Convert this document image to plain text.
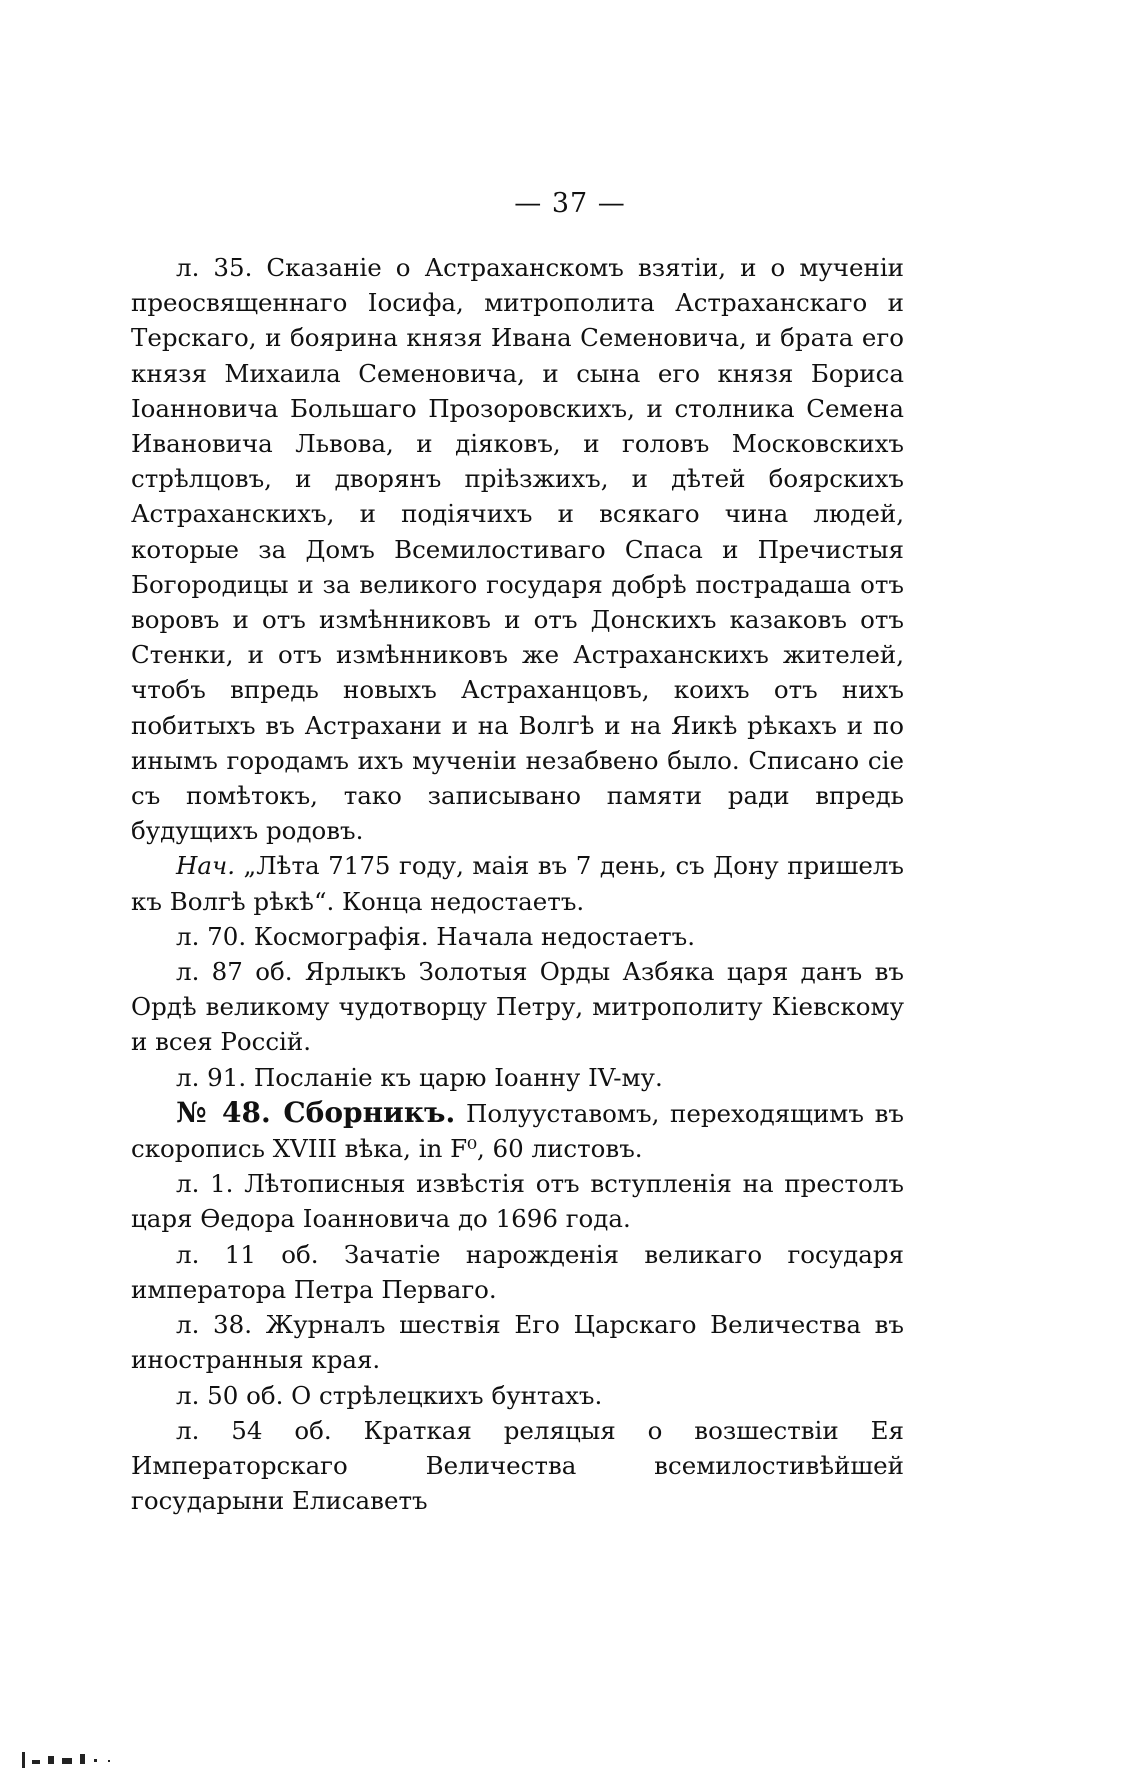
— 37 —

л. 35. Сказаніе о Астраханскомъ взятіи, и о мученіи преосвященнаго Іосифа, митрополита Астраханскаго и Терскаго, и боярина князя Ивана Семеновича, и брата его князя Михаила Семеновича, и сына его князя Бориса Іоанновича Большаго Прозоровскихъ, и столника Семена Ивановича Львова, и діяковъ, и головъ Московскихъ стрѣлцовъ, и дворянъ пріѣзжихъ, и дѣтей боярскихъ Астраханскихъ, и подіячихъ и всякаго чина людей, которые за Домъ Всемилостиваго Спаса и Пречистыя Богородицы и за великого государя добрѣ пострадаша отъ воровъ и отъ измѣнниковъ и отъ Донскихъ казаковъ отъ Стенки, и отъ измѣнниковъ же Астраханскихъ жителей, чтобъ впредь новыхъ Астраханцовъ, коихъ отъ нихъ побитыхъ въ Астрахани и на Волгѣ и на Яикѣ рѣкахъ и по инымъ городамъ ихъ мученіи незабвено было. Списано сіе съ помѣтокъ, тако записывано памяти ради впредь будущихъ родовъ.

Нач. „Лѣта 7175 году, маія въ 7 день, съ Дону пришелъ къ Волгѣ рѣкѣ“. Конца недостаетъ.

л. 70. Космографія. Начала недостаетъ.

л. 87 об. Ярлыкъ Золотыя Орды Азбяка царя данъ въ Ордѣ великому чудотворцу Петру, митрополиту Кіевскому и всея Россій.

л. 91. Посланіе къ царю Іоанну IV-му.

№ 48. Сборникъ. Полууставомъ, переходящимъ въ скоропись XVIII вѣка, in F⁰, 60 листовъ.

л. 1. Лѣтописныя извѣстія отъ вступленія на престолъ царя Ѳедора Іоанновича до 1696 года.

л. 11 об. Зачатіе нарожденія великаго государя императора Петра Перваго.

л. 38. Журналъ шествія Его Царскаго Величества въ иностранныя края.

л. 50 об. О стрѣлецкихъ бунтахъ.

л. 54 об. Краткая реляцыя о возшествіи Ея Императорскаго Величества всемилостивѣйшей государыни Елисаветъ
